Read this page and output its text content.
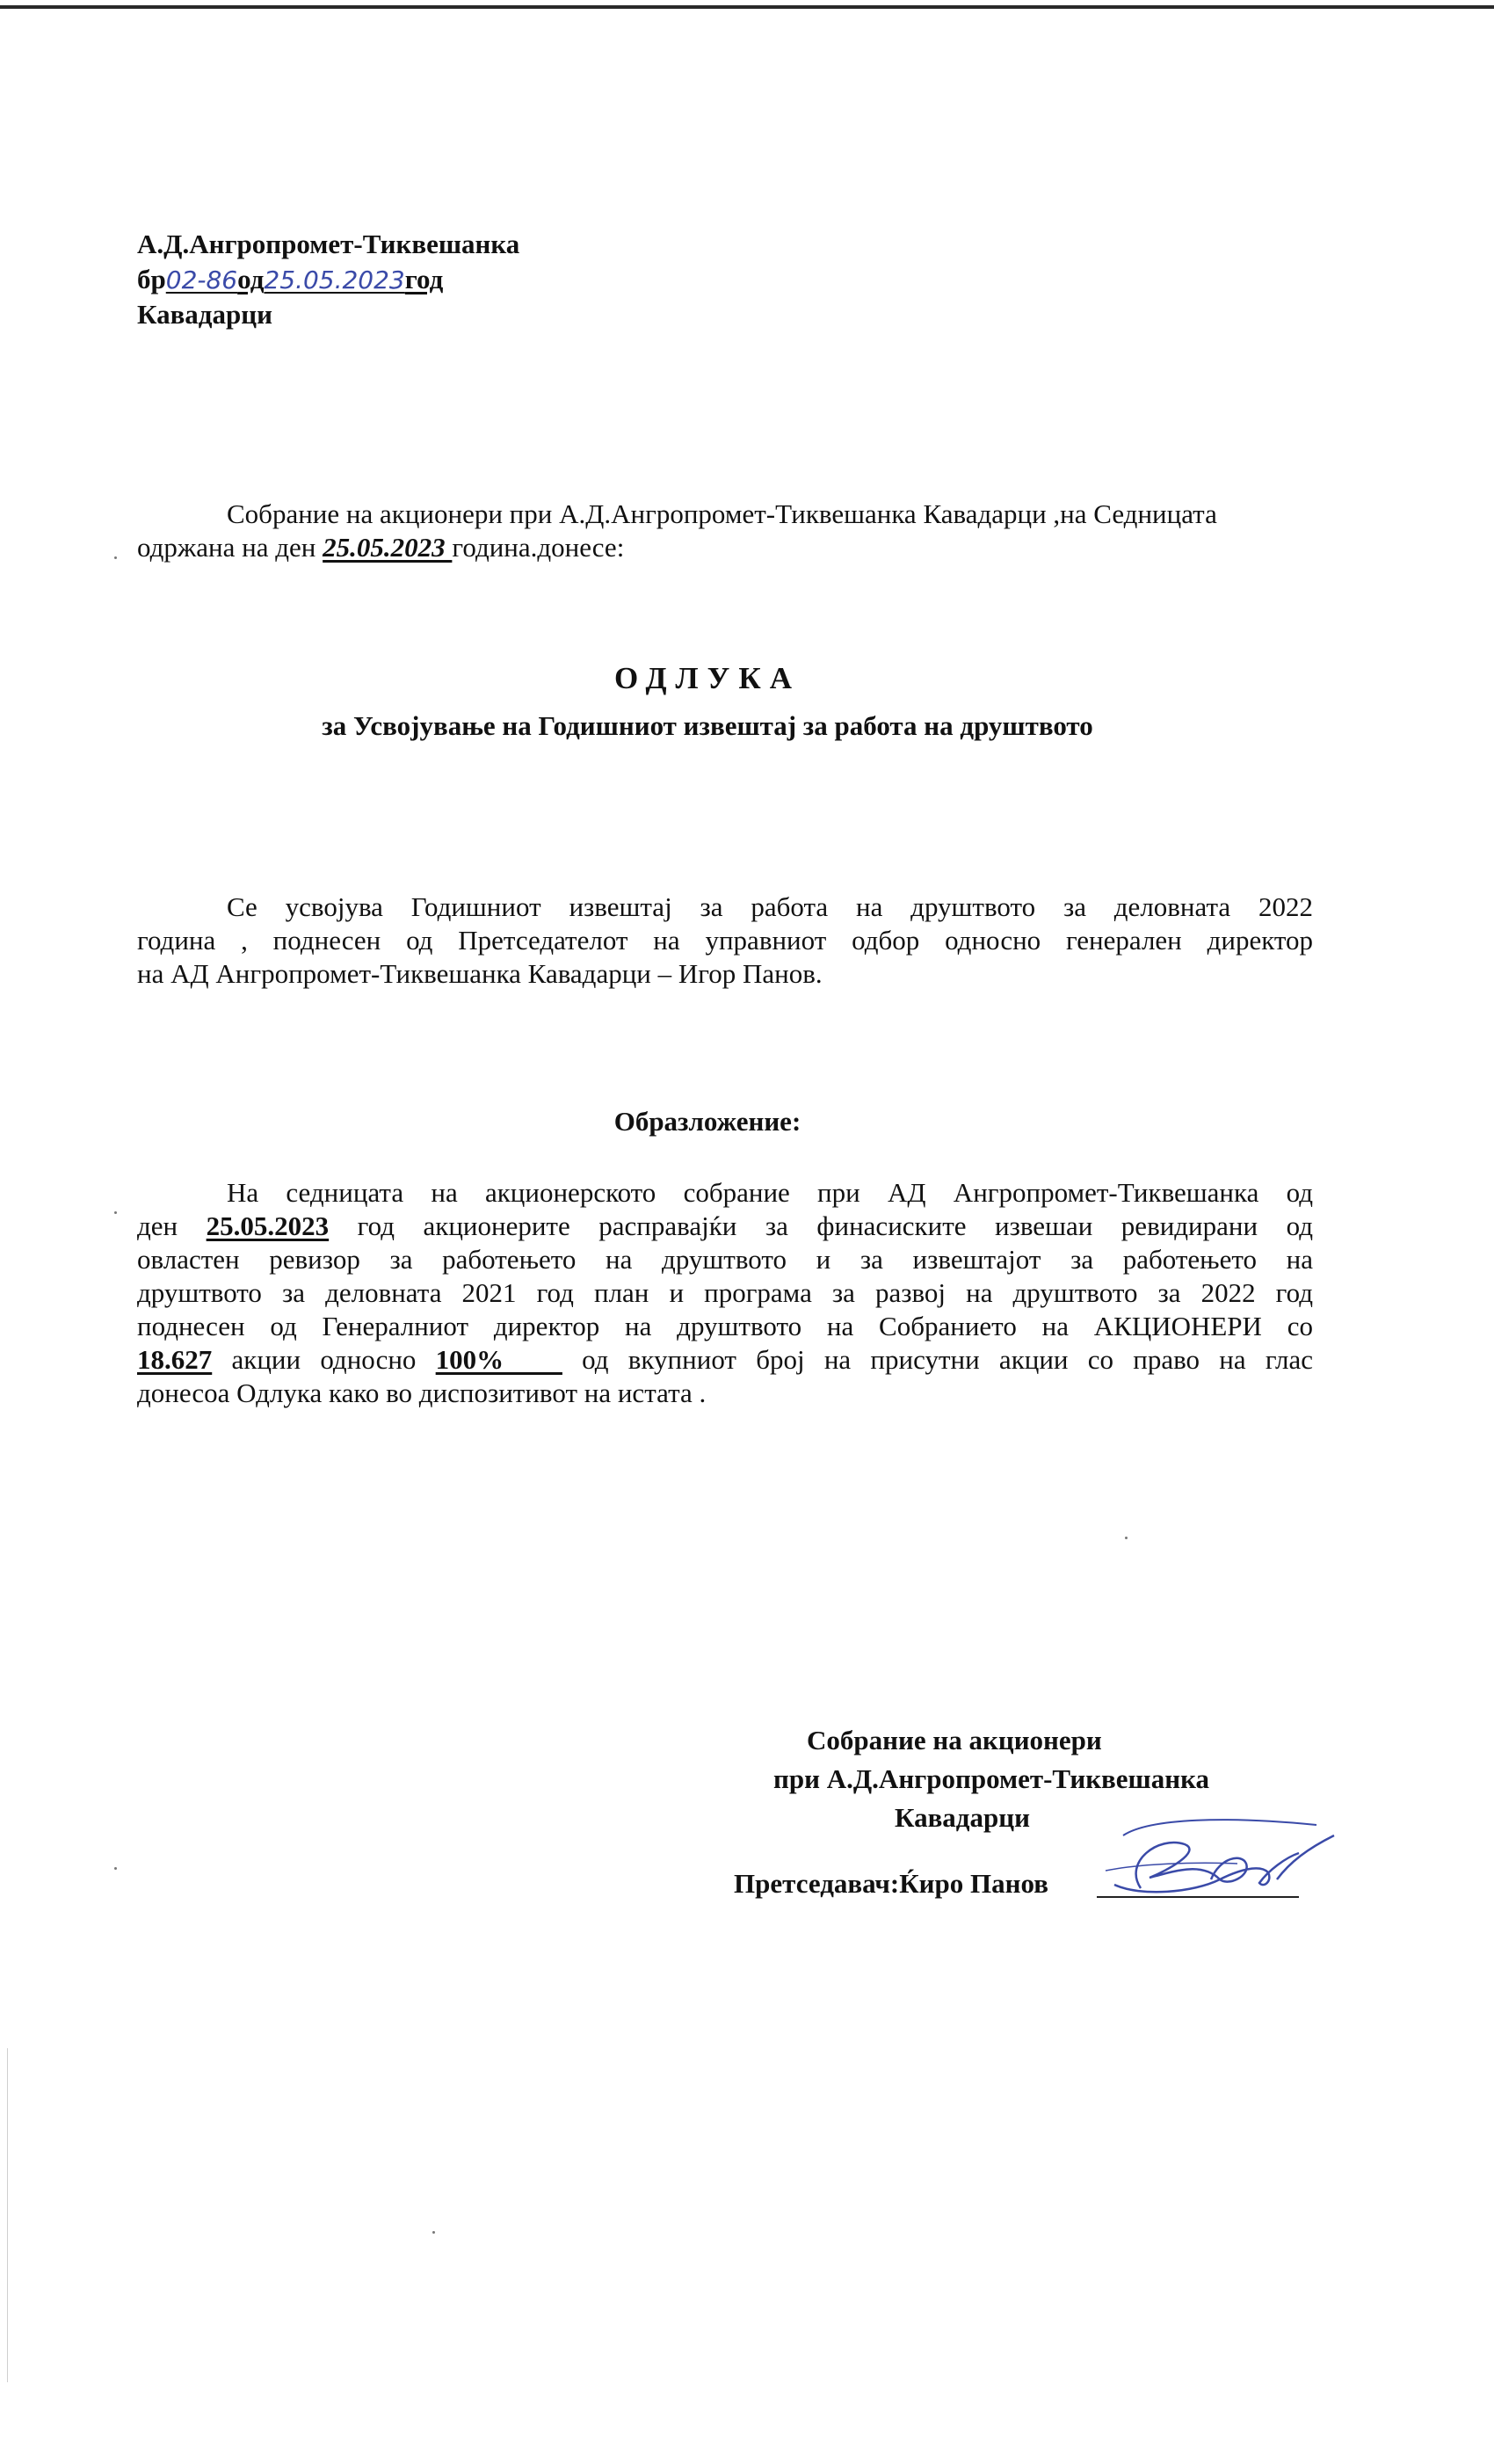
А.Д.Ангропромет-Тиквешанка
бр02-86од25.05.2023год
Кавадарци
Собрание на акционери при А.Д.Ангропромет-Тиквешанка Кавадарци ,на Седницата
одржана на ден 25.05.2023 година.донесе:
ОДЛУКА
за Усвојување на Годишниот извештај за работа на друштвото
Се усвојува Годишниот извештај за работа на друштвото за деловната 2022
година , поднесен од Претседателот на управниот одбор односно генерален директор
на АД Ангропромет-Тиквешанка Кавадарци – Игор Панов.
Образложение:
На седницата на акционерското собрание при АД Ангропромет-Тиквешанка од
ден 25.05.2023 год акционерите расправајќи за финасиските извешаи ревидирани од
овластен ревизор за работењето на друштвото и за извештајот за работењето на
друштвото за деловната 2021 год план и програма за развој на друштвото за 2022 год
поднесен од Генералниот директор на друштвото на Собранието на АКЦИОНЕРИ со
18.627 акции односно 100%    од вкупниот број на присутни акции со право на глас
донесоа Одлука како во диспозитивот на истата .
Собрание на акционери
при А.Д.Ангропромет-Тиквешанка
Кавадарци
Претседавач:Ќиро Панов
